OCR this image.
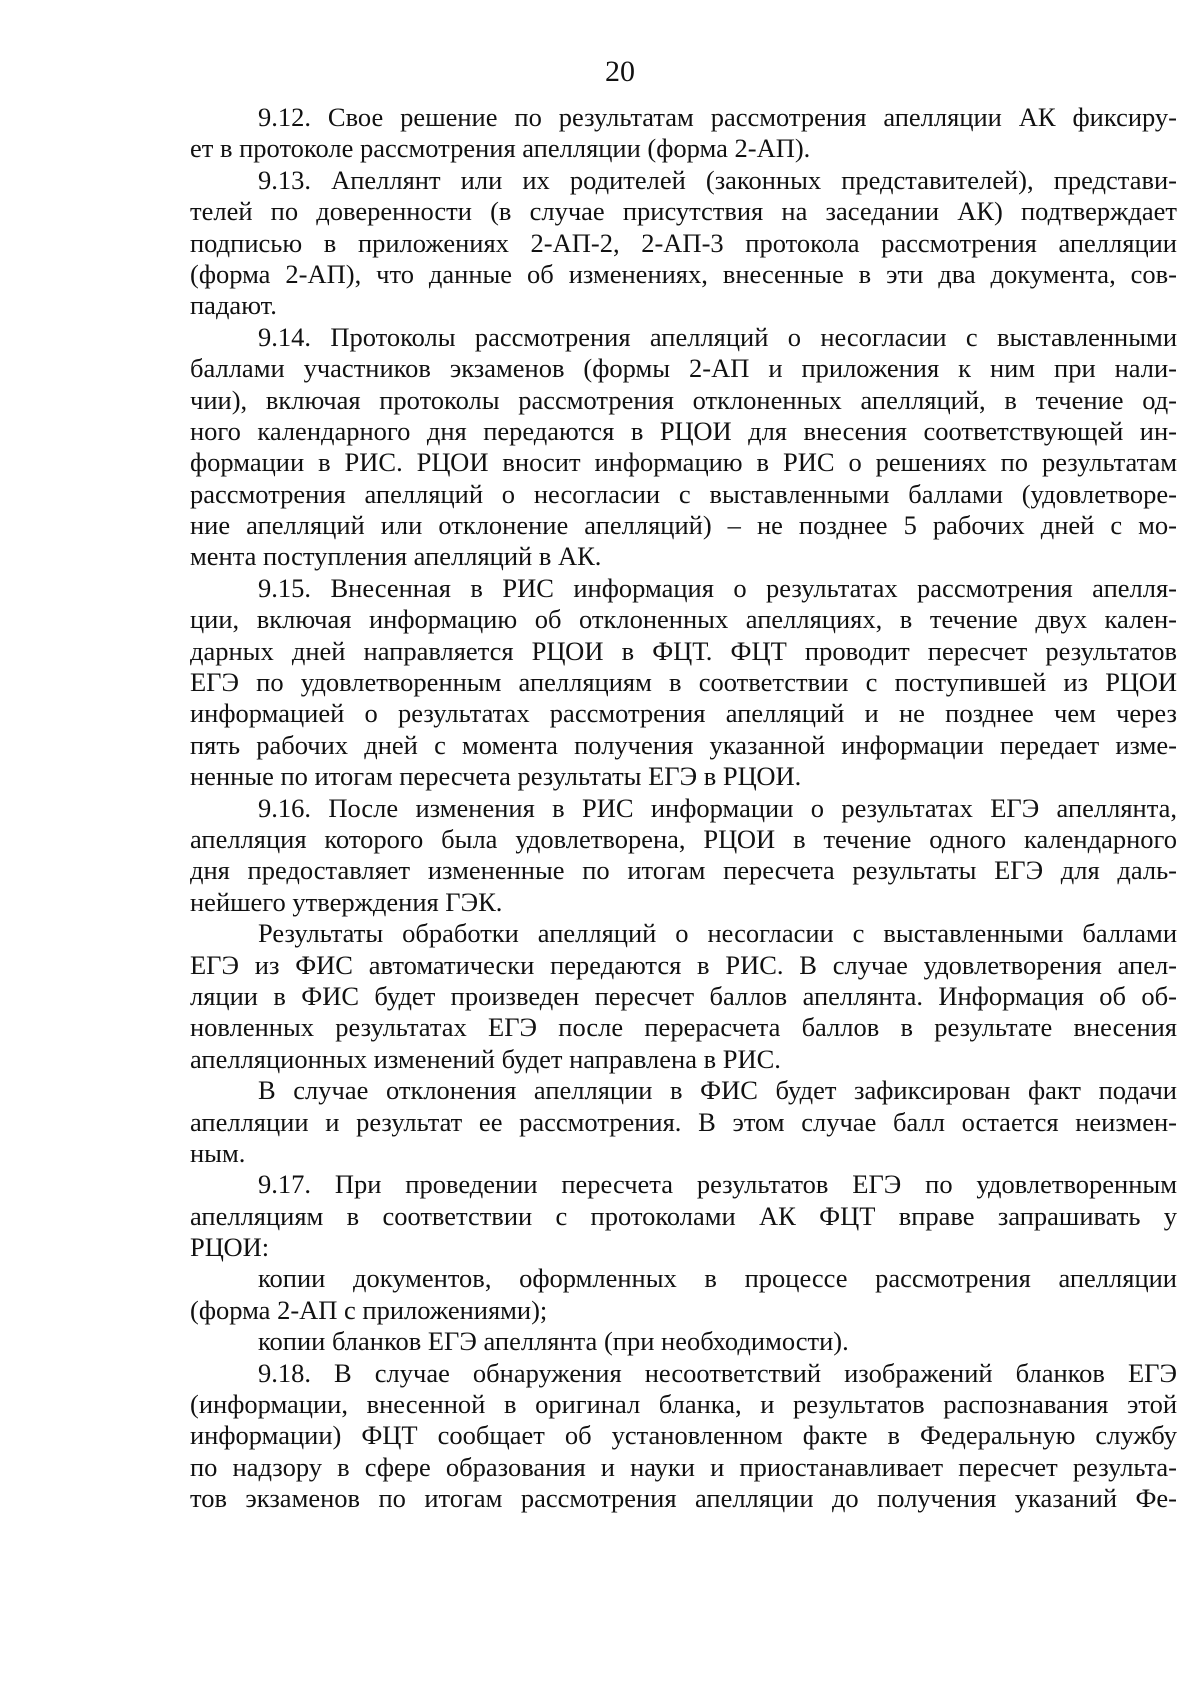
20
9.12. Свое решение по результатам рассмотрения апелляции АК фиксиру-
ет в протоколе рассмотрения апелляции (форма 2-АП).
9.13. Апеллянт или их родителей (законных представителей), представи-
телей по доверенности (в случае присутствия на заседании АК) подтверждает
подписью в приложениях 2-АП-2, 2-АП-3 протокола рассмотрения апелляции
(форма 2-АП), что данные об изменениях, внесенные в эти два документа, сов-
падают.
9.14. Протоколы рассмотрения апелляций о несогласии с выставленными
баллами участников экзаменов (формы 2-АП и приложения к ним при нали-
чии), включая протоколы рассмотрения отклоненных апелляций, в течение од-
ного календарного дня передаются в РЦОИ для внесения соответствующей ин-
формации в РИС. РЦОИ вносит информацию в РИС о решениях по результатам
рассмотрения апелляций о несогласии с выставленными баллами (удовлетворе-
ние апелляций или отклонение апелляций) – не позднее 5 рабочих дней с мо-
мента поступления апелляций в АК.
9.15. Внесенная в РИС информация о результатах рассмотрения апелля-
ции, включая информацию об отклоненных апелляциях, в течение двух кален-
дарных дней направляется РЦОИ в ФЦТ. ФЦТ проводит пересчет результатов
ЕГЭ по удовлетворенным апелляциям в соответствии с поступившей из РЦОИ
информацией о результатах рассмотрения апелляций и не позднее чем через
пять рабочих дней с момента получения указанной информации передает изме-
ненные по итогам пересчета результаты ЕГЭ в РЦОИ.
9.16. После изменения в РИС информации о результатах ЕГЭ апеллянта,
апелляция которого была удовлетворена, РЦОИ в течение одного календарного
дня предоставляет измененные по итогам пересчета результаты ЕГЭ для даль-
нейшего утверждения ГЭК.
Результаты обработки апелляций о несогласии с выставленными баллами
ЕГЭ из ФИС автоматически передаются в РИС. В случае удовлетворения апел-
ляции в ФИС будет произведен пересчет баллов апеллянта. Информация об об-
новленных результатах ЕГЭ после перерасчета баллов в результате внесения
апелляционных изменений будет направлена в РИС.
В случае отклонения апелляции в ФИС будет зафиксирован факт подачи
апелляции и результат ее рассмотрения. В этом случае балл остается неизмен-
ным.
9.17. При проведении пересчета результатов ЕГЭ по удовлетворенным
апелляциям в соответствии с протоколами АК ФЦТ вправе запрашивать у
РЦОИ:
копии документов, оформленных в процессе рассмотрения апелляции
(форма 2-АП с приложениями);
копии бланков ЕГЭ апеллянта (при необходимости).
9.18. В случае обнаружения несоответствий изображений бланков ЕГЭ
(информации, внесенной в оригинал бланка, и результатов распознавания этой
информации) ФЦТ сообщает об установленном факте в Федеральную службу
по надзору в сфере образования и науки и приостанавливает пересчет результа-
тов экзаменов по итогам рассмотрения апелляции до получения указаний Фе-
